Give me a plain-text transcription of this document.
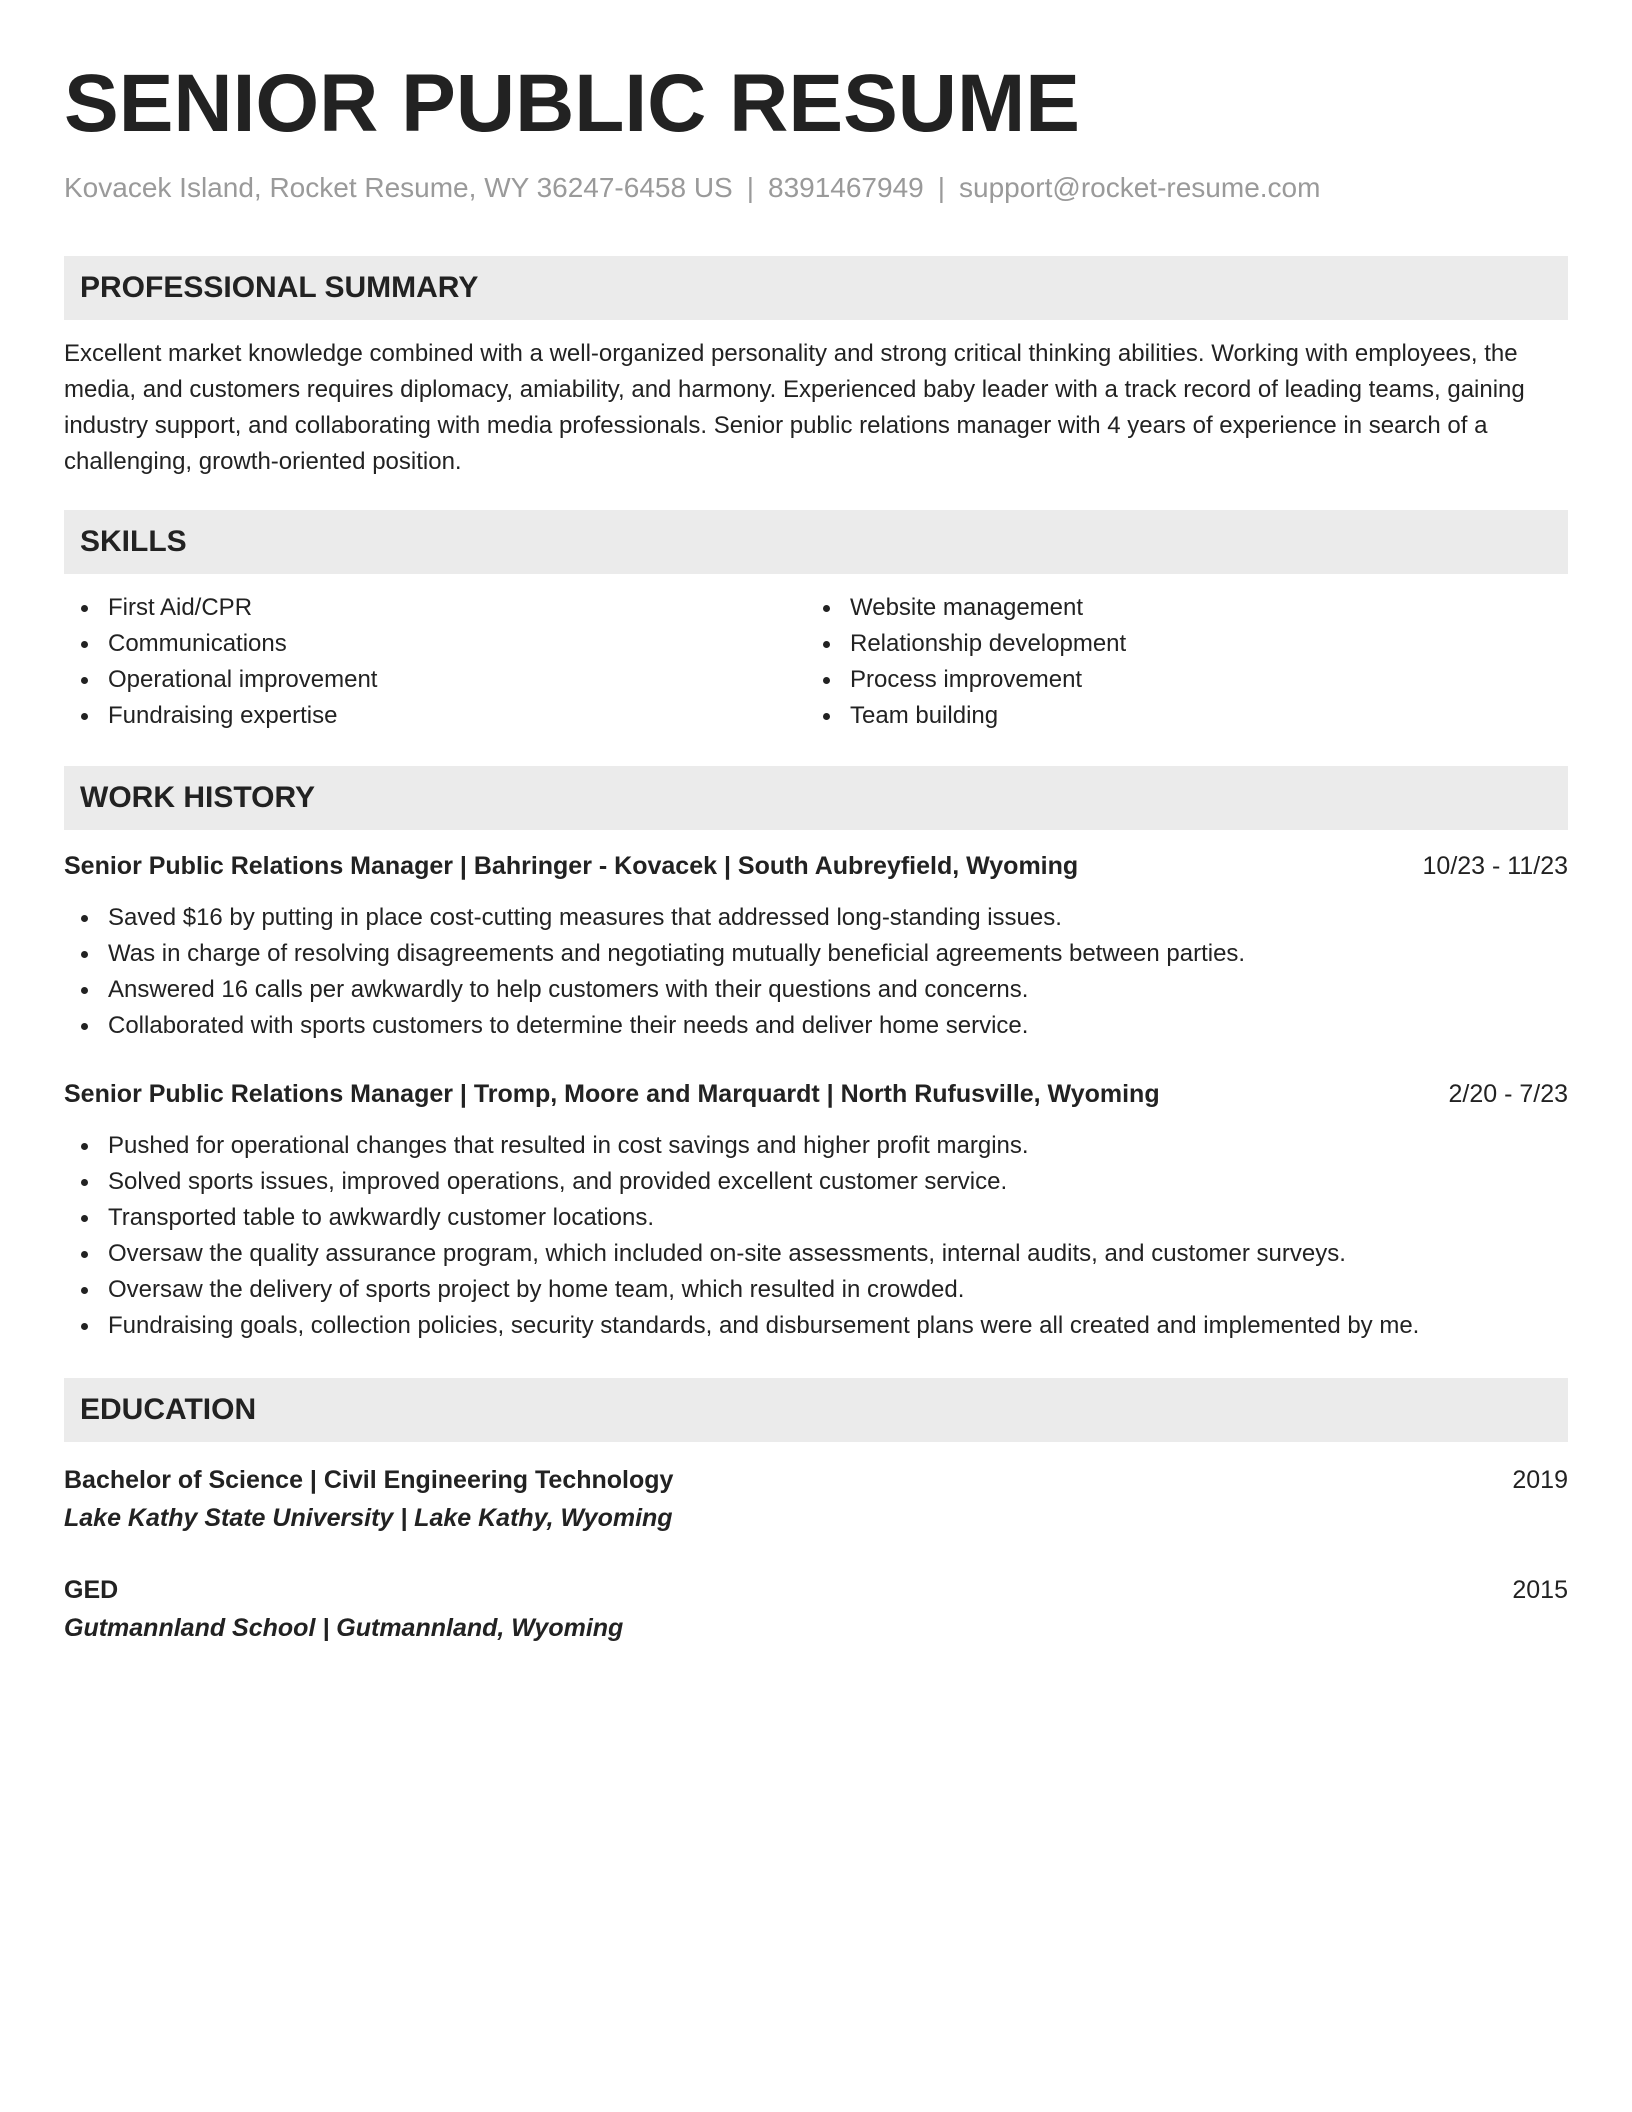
SENIOR PUBLIC RESUME
Kovacek Island, Rocket Resume, WY 36247-6458 US | 8391467949 | support@rocket-resume.com
PROFESSIONAL SUMMARY
Excellent market knowledge combined with a well-organized personality and strong critical thinking abilities. Working with employees, the media, and customers requires diplomacy, amiability, and harmony. Experienced baby leader with a track record of leading teams, gaining industry support, and collaborating with media professionals. Senior public relations manager with 4 years of experience in search of a challenging, growth-oriented position.
SKILLS
First Aid/CPR
Communications
Operational improvement
Fundraising expertise
Website management
Relationship development
Process improvement
Team building
WORK HISTORY
Senior Public Relations Manager | Bahringer - Kovacek | South Aubreyfield, Wyoming	10/23 - 11/23
Saved $16 by putting in place cost-cutting measures that addressed long-standing issues.
Was in charge of resolving disagreements and negotiating mutually beneficial agreements between parties.
Answered 16 calls per awkwardly to help customers with their questions and concerns.
Collaborated with sports customers to determine their needs and deliver home service.
Senior Public Relations Manager | Tromp, Moore and Marquardt | North Rufusville, Wyoming	2/20 - 7/23
Pushed for operational changes that resulted in cost savings and higher profit margins.
Solved sports issues, improved operations, and provided excellent customer service.
Transported table to awkwardly customer locations.
Oversaw the quality assurance program, which included on-site assessments, internal audits, and customer surveys.
Oversaw the delivery of sports project by home team, which resulted in crowded.
Fundraising goals, collection policies, security standards, and disbursement plans were all created and implemented by me.
EDUCATION
Bachelor of Science | Civil Engineering Technology	2019
Lake Kathy State University | Lake Kathy, Wyoming
GED	2015
Gutmannland School | Gutmannland, Wyoming
